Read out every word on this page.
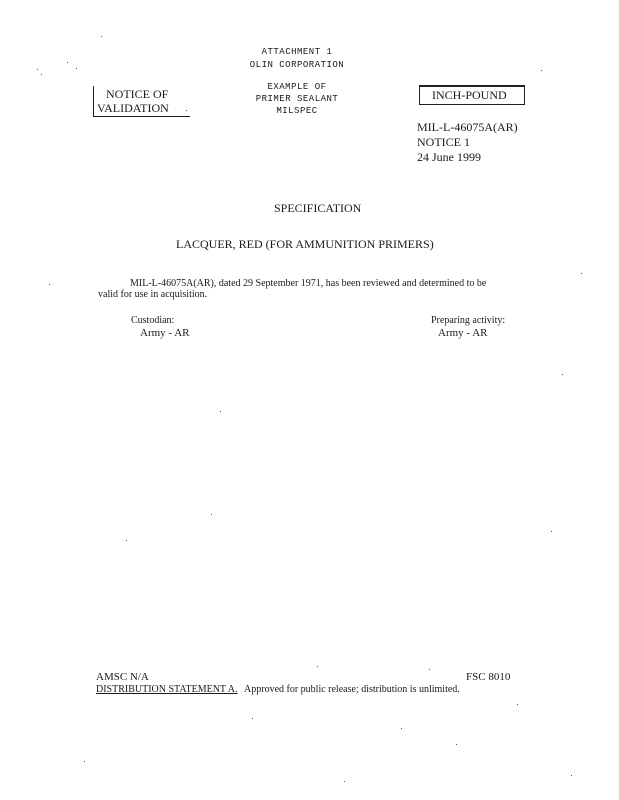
ATTACHMENT 1
OLIN CORPORATION
EXAMPLE OF
PRIMER SEALANT
MILSPEC
NOTICE OF
VALIDATION
INCH-POUND
MIL-L-46075A(AR)
NOTICE 1
24 June 1999
SPECIFICATION
LACQUER, RED (FOR AMMUNITION PRIMERS)
MIL-L-46075A(AR), dated 29 September 1971, has been reviewed and determined to be
valid for use in acquisition.
Custodian:
Army - AR
Preparing activity:
Army - AR
AMSC N/A	FSC 8010
DISTRIBUTION STATEMENT A. Approved for public release; distribution is unlimited.
